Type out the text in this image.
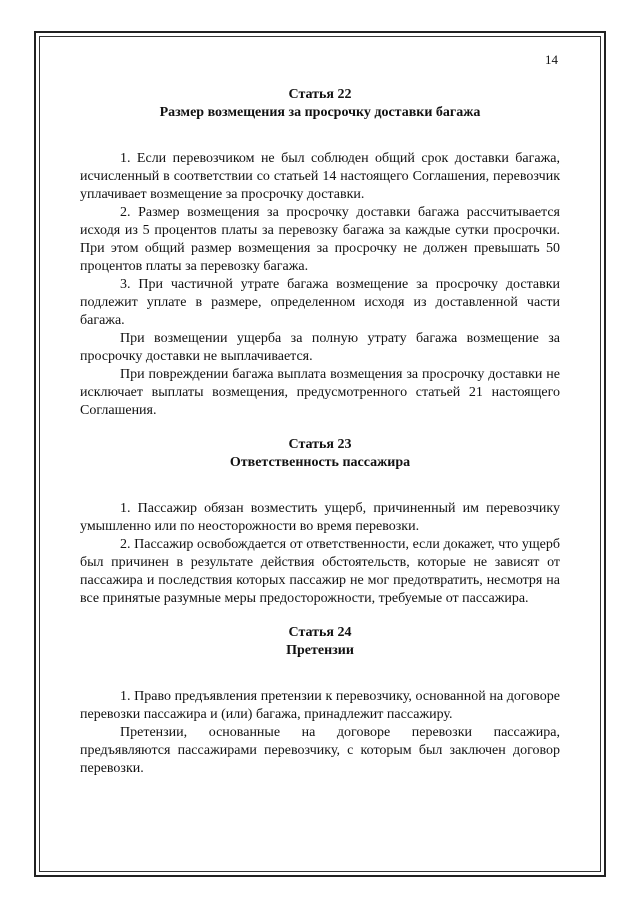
14
Статья 22
Размер возмещения за просрочку доставки багажа

1. Если перевозчиком не был соблюден общий срок доставки багажа, исчисленный в соответствии со статьей 14 настоящего Соглашения, перевозчик уплачивает возмещение за просрочку доставки.

2. Размер возмещения за просрочку доставки багажа рассчитывается исходя из 5 процентов платы за перевозку багажа за каждые сутки просрочки. При этом общий размер возмещения за просрочку не должен превышать 50 процентов платы за перевозку багажа.

3. При частичной утрате багажа возмещение за просрочку доставки подлежит уплате в размере, определенном исходя из доставленной части багажа.

При возмещении ущерба за полную утрату багажа возмещение за просрочку доставки не выплачивается.

При повреждении багажа выплата возмещения за просрочку доставки не исключает выплаты возмещения, предусмотренного статьей 21 настоящего Соглашения.

Статья 23
Ответственность пассажира

1. Пассажир обязан возместить ущерб, причиненный им перевозчику умышленно или по неосторожности во время перевозки.

2. Пассажир освобождается от ответственности, если докажет, что ущерб был причинен в результате действия обстоятельств, которые не зависят от пассажира и последствия которых пассажир не мог предотвратить, несмотря на все принятые разумные меры предосторожности, требуемые от пассажира.

Статья 24
Претензии

1. Право предъявления претензии к перевозчику, основанной на договоре перевозки пассажира и (или) багажа, принадлежит пассажиру.

Претензии, основанные на договоре перевозки пассажира, предъявляются пассажирами перевозчику, с которым был заключен договор перевозки.
